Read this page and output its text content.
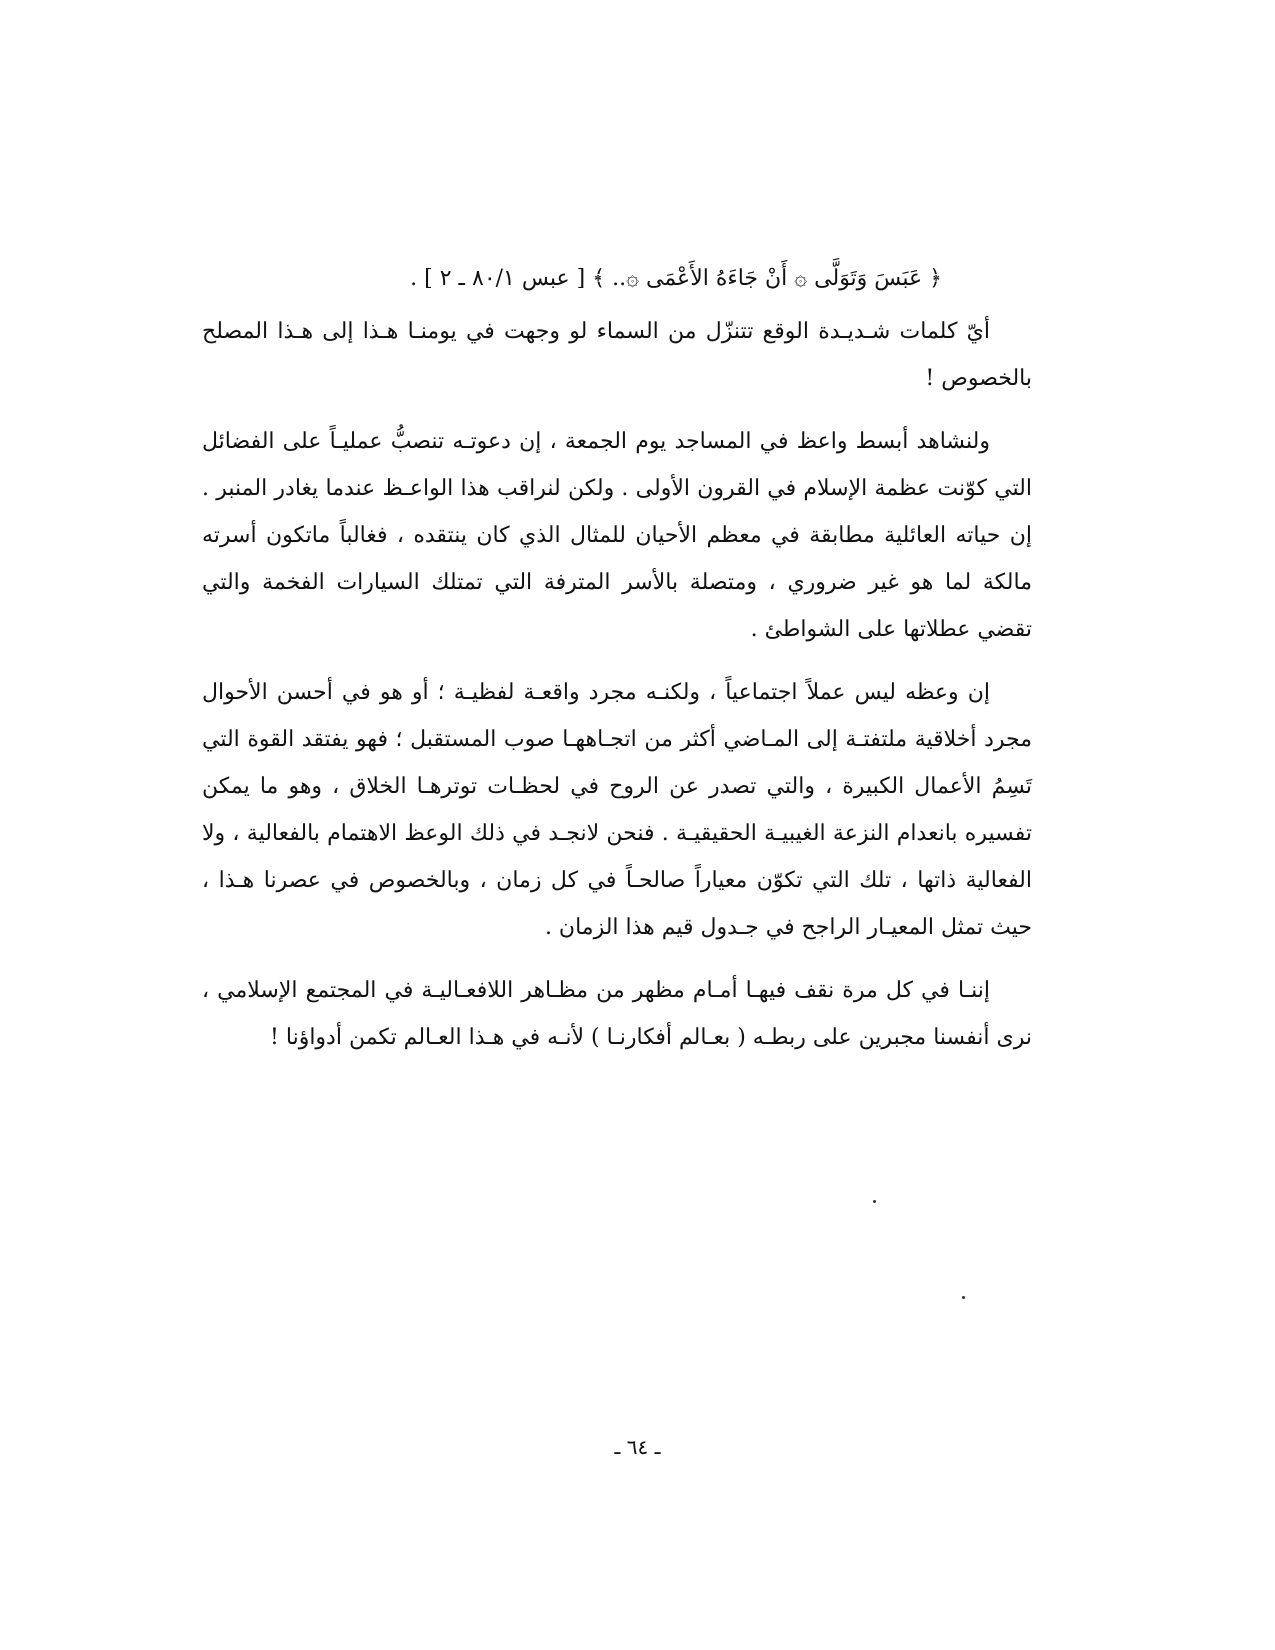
﴿ عَبَسَ وَتَوَلَّى ۞ أَنْ جَاءَهُ الأَعْمَى ۞.. ﴾ [ عبس ٨٠/١ ـ ٢ ] .

أيّ كلمات شـديـدة الوقع تتنزّل من السماء لو وجهت في يومنـا هـذا إلى هـذا المصلح بالخصوص !

ولنشاهد أبسط واعظ في المساجد يوم الجمعة ، إن دعوتـه تنصبُّ عمليـاً على الفضائل التي كوّنت عظمة الإسلام في القرون الأولى . ولكن لنراقب هذا الواعـظ عندما يغادر المنبر . إن حياته العائلية مطابقة في معظم الأحيان للمثال الذي كان ينتقده ، فغالباً ماتكون أسرته مالكة لما هو غير ضروري ، ومتصلة بالأسر المترفة التي تمتلك السيارات الفخمة والتي تقضي عطلاتها على الشواطئ .

إن وعظه ليس عملاً اجتماعياً ، ولكنـه مجرد واقعـة لفظيـة ؛ أو هو في أحسن الأحوال مجرد أخلاقية ملتفتـة إلى المـاضي أكثر من اتجـاههـا صوب المستقبل ؛ فهو يفتقد القوة التي تَسِمُ الأعمال الكبيرة ، والتي تصدر عن الروح في لحظـات توترهـا الخلاق ، وهو ما يمكن تفسيره بانعدام النزعة الغيبيـة الحقيقيـة . فنحن لانجـد في ذلك الوعظ الاهتمام بالفعالية ، ولا الفعالية ذاتها ، تلك التي تكوّن معياراً صالحـاً في كل زمان ، وبالخصوص في عصرنا هـذا ، حيث تمثل المعيـار الراجح في جـدول قيم هذا الزمان .

إننـا في كل مرة نقف فيهـا أمـام مظهر من مظـاهر اللافعـاليـة في المجتمع الإسلامي ، نرى أنفسنا مجبرين على ربطـه ( بعـالم أفكارنـا ) لأنـه في هـذا العـالم تكمن أدواؤنا !

ـ ٦٤ ـ
